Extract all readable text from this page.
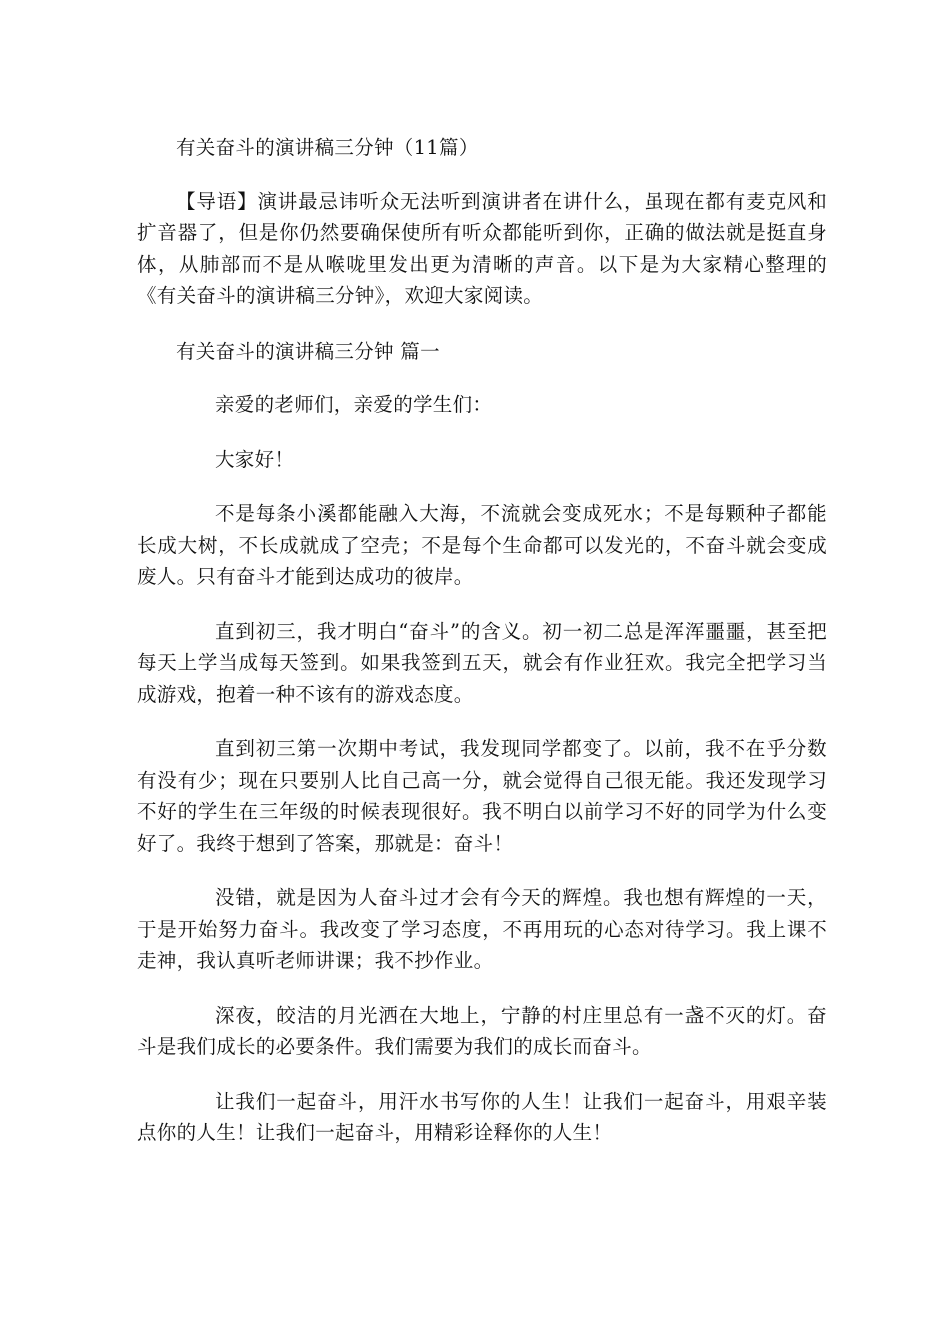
有关奋斗的演讲稿三分钟（11篇）

【导语】演讲最忌讳听众无法听到演讲者在讲什么，虽现在都有麦克风和扩音器了，但是你仍然要确保使所有听众都能听到你，正确的做法就是挺直身体，从肺部而不是从喉咙里发出更为清晰的声音。以下是为大家精心整理的《有关奋斗的演讲稿三分钟》，欢迎大家阅读。

有关奋斗的演讲稿三分钟 篇一

亲爱的老师们，亲爱的学生们：

大家好！

不是每条小溪都能融入大海，不流就会变成死水；不是每颗种子都能长成大树，不长成就成了空壳；不是每个生命都可以发光的，不奋斗就会变成废人。只有奋斗才能到达成功的彼岸。

直到初三，我才明白“奋斗”的含义。初一初二总是浑浑噩噩，甚至把每天上学当成每天签到。如果我签到五天，就会有作业狂欢。我完全把学习当成游戏，抱着一种不该有的游戏态度。

直到初三第一次期中考试，我发现同学都变了。以前，我不在乎分数有没有少；现在只要别人比自己高一分，就会觉得自己很无能。我还发现学习不好的学生在三年级的时候表现很好。我不明白以前学习不好的同学为什么变好了。我终于想到了答案，那就是：奋斗！

没错，就是因为人奋斗过才会有今天的辉煌。我也想有辉煌的一天，于是开始努力奋斗。我改变了学习态度，不再用玩的心态对待学习。我上课不走神，我认真听老师讲课；我不抄作业。

深夜，皎洁的月光洒在大地上，宁静的村庄里总有一盏不灭的灯。奋斗是我们成长的必要条件。我们需要为我们的成长而奋斗。

让我们一起奋斗，用汗水书写你的人生！让我们一起奋斗，用艰辛装点你的人生！让我们一起奋斗，用精彩诠释你的人生！
